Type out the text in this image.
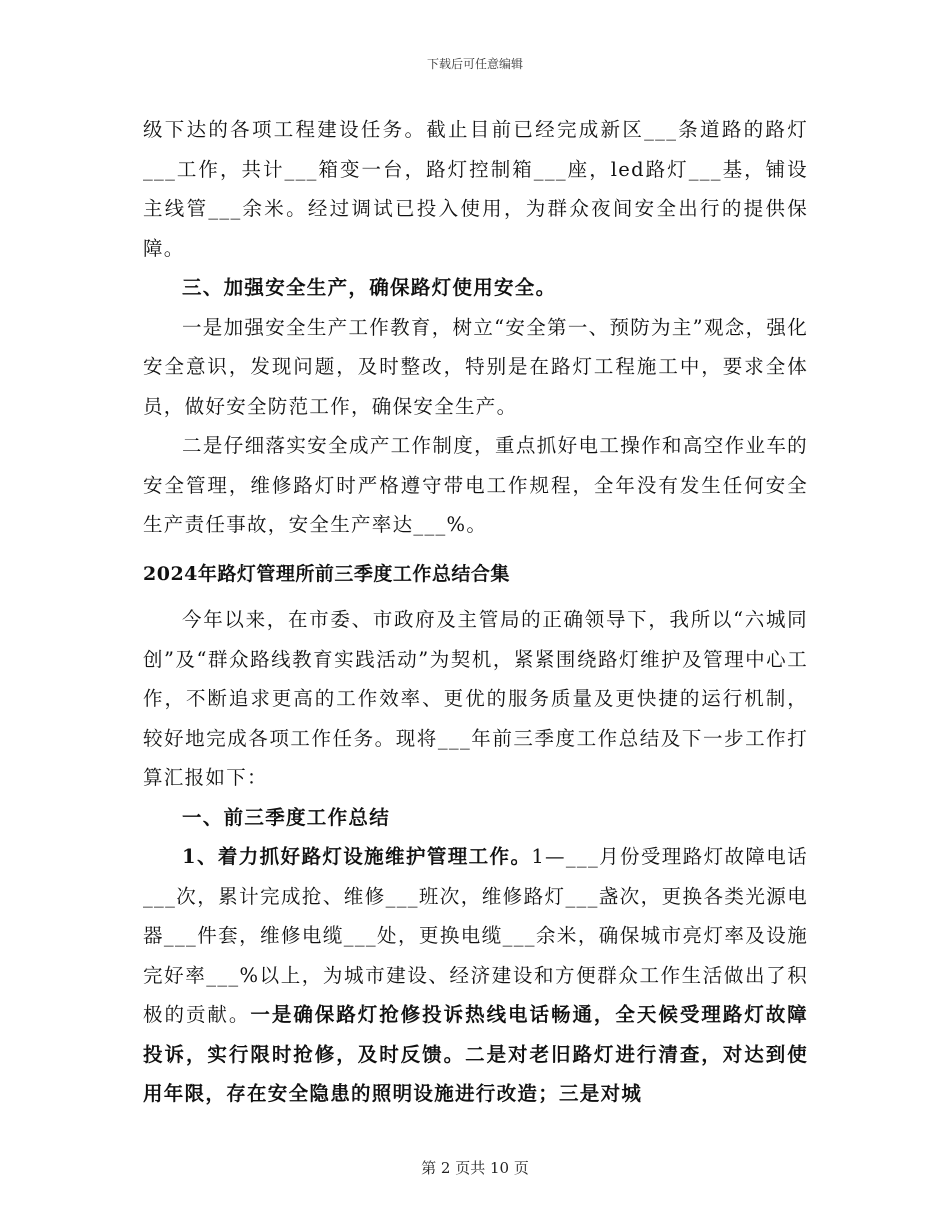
下载后可任意编辑

级下达的各项工程建设任务。截止目前已经完成新区___条道路的路灯___工作，共计___箱变一台，路灯控制箱___座，led路灯___基，铺设主线管___余米。经过调试已投入使用，为群众夜间安全出行的提供保障。

三、加强安全生产，确保路灯使用安全。

一是加强安全生产工作教育，树立“安全第一、预防为主”观念，强化安全意识，发现问题，及时整改，特别是在路灯工程施工中，要求全体员，做好安全防范工作，确保安全生产。

二是仔细落实安全成产工作制度，重点抓好电工操作和高空作业车的安全管理，维修路灯时严格遵守带电工作规程，全年没有发生任何安全生产责任事故，安全生产率达___%。

2024年路灯管理所前三季度工作总结合集

今年以来，在市委、市政府及主管局的正确领导下，我所以“六城同创”及“群众路线教育实践活动”为契机，紧紧围绕路灯维护及管理中心工作，不断追求更高的工作效率、更优的服务质量及更快捷的运行机制，较好地完成各项工作任务。现将___年前三季度工作总结及下一步工作打算汇报如下：

一、前三季度工作总结

1、着力抓好路灯设施维护管理工作。1—___月份受理路灯故障电话___次，累计完成抢、维修___班次，维修路灯___盏次，更换各类光源电器___件套，维修电缆___处，更换电缆___余米，确保城市亮灯率及设施完好率___%以上，为城市建设、经济建设和方便群众工作生活做出了积极的贡献。一是确保路灯抢修投诉热线电话畅通，全天候受理路灯故障投诉，实行限时抢修，及时反馈。二是对老旧路灯进行清查，对达到使用年限，存在安全隐患的照明设施进行改造；三是对城

第 2 页共 10 页
